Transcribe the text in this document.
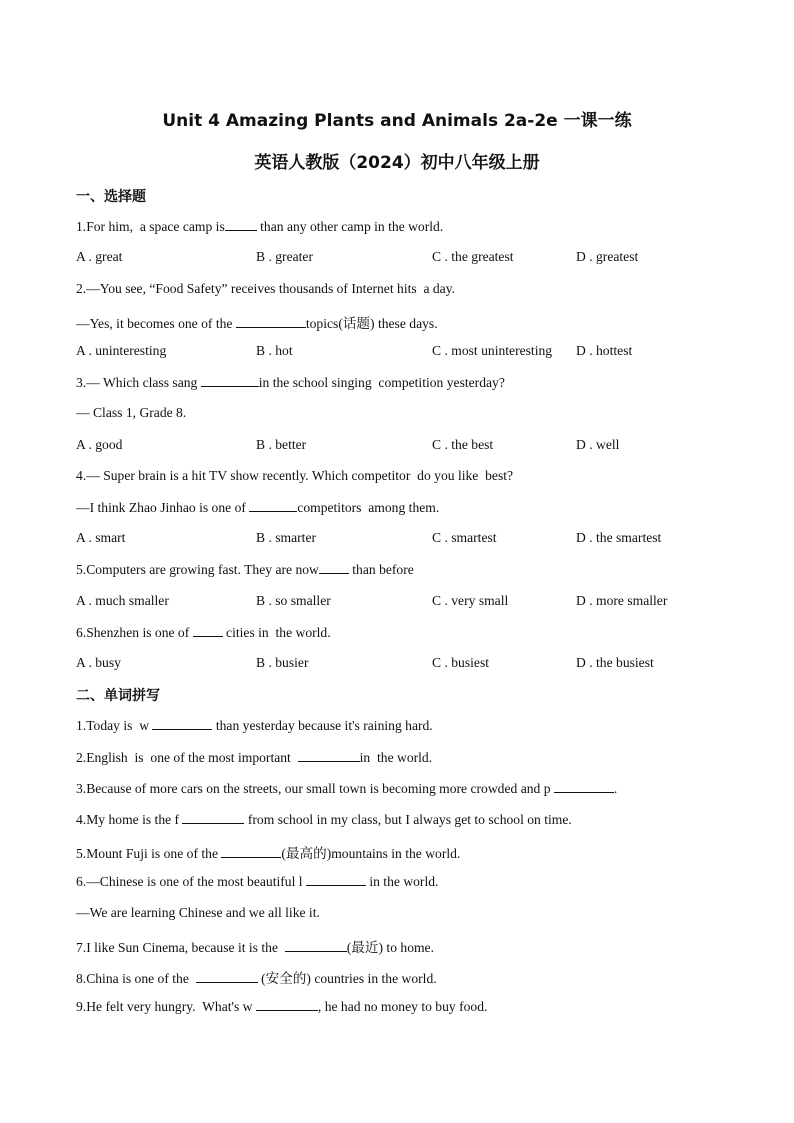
Unit 4 Amazing Plants and Animals 2a-2e 一课一练
英语人教版（2024）初中八年级上册
一、选择题
1.For him,  a space camp is than any other camp in the world.
A . great	B . greater	C . the greatest	D . greatest
2.—You see, “Food Safety” receives thousands of Internet hits  a day.
—Yes, it becomes one of the	topics(话题) these days.
A . uninteresting	B . hot	C . most uninteresting D . hottest
3.— Which class sang	in the school singing  competition yesterday?
— Class 1, Grade 8.
A . good	B . better	C . the best	D . well
4.— Super brain is a hit TV show recently. Which competitor  do you like  best?
—I think Zhao Jinhao is one of	competitors  among them.
A . smart	B . smarter	C . smartest	D . the smartest
5.Computers are growing fast. They are now than before
A . much smaller	B . so smaller	C . very small	D . more smaller
6.Shenzhen is one of  cities in  the world.
A . busy	B . busier	C . busiest	D . the busiest
二、单词拼写
1.Today is  w	than yesterday because it's raining hard.
2.English  is  one of the most important	in  the world.
3.Because of more cars on the streets, our small town is becoming more crowded and p	.
4.My home is the f	from school in my class, but I always get to school on time.
5.Mount Fuji is one of the	(最高的)mountains in the world.
6.—Chinese is one of the most beautiful l	in the world.
—We are learning Chinese and we all like it.
7.I like Sun Cinema, because it is the	(最近) to home.
8.China is one of the	(安全的) countries in the world.
9.He felt very hungry.  What's w	, he had no money to buy food.
